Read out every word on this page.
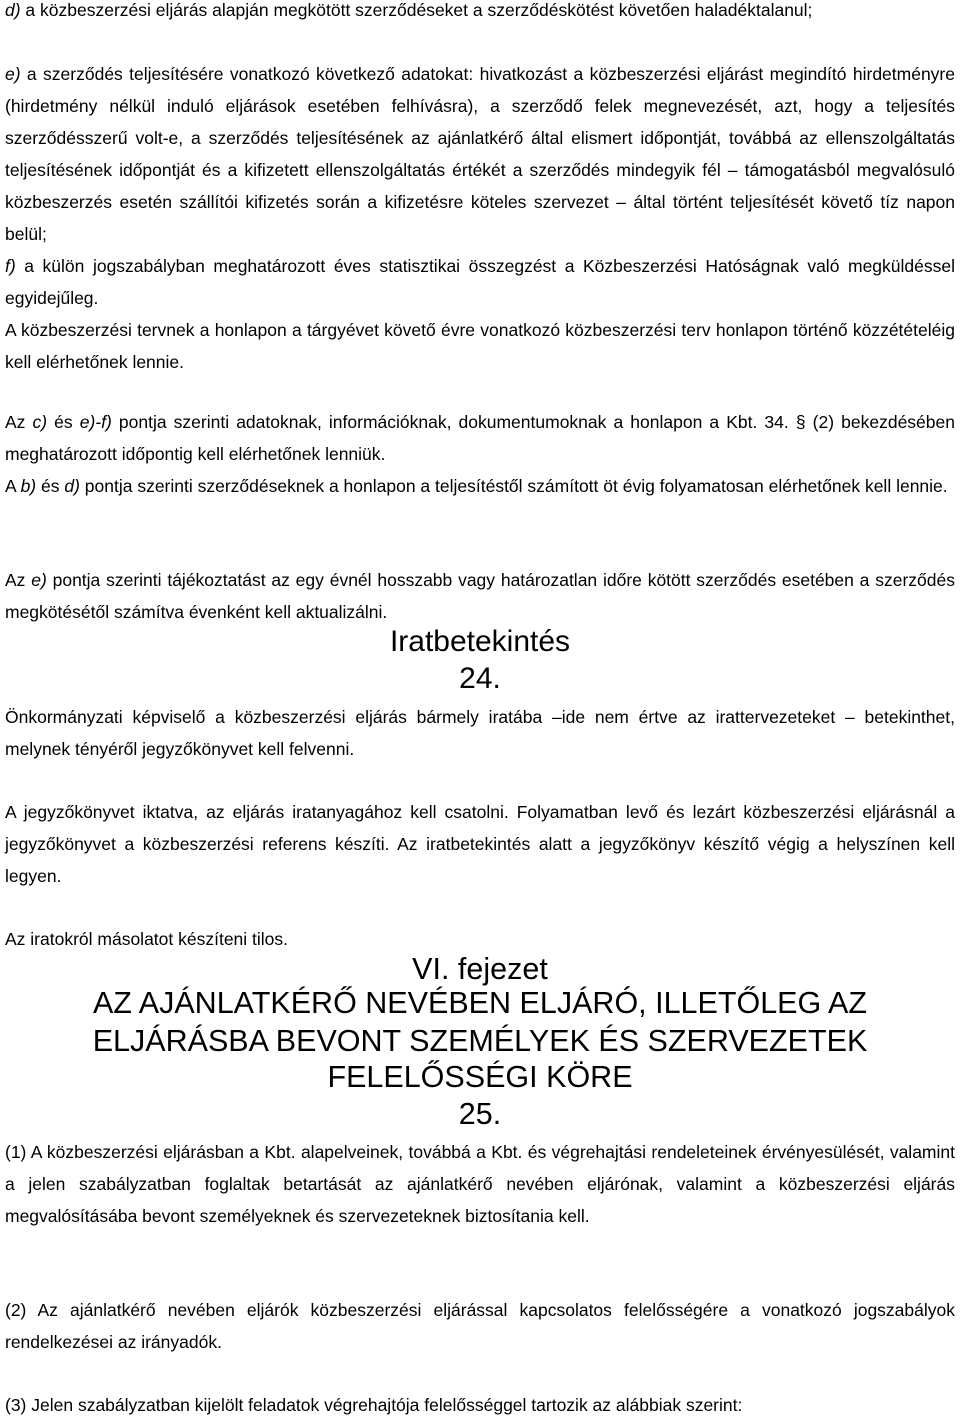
d) a közbeszerzési eljárás alapján megkötött szerződéseket a szerződéskötést követően haladéktalanul;

e) a szerződés teljesítésére vonatkozó következő adatokat: hivatkozást a közbeszerzési eljárást megindító hirdetményre (hirdetmény nélkül induló eljárások esetében felhívásra), a szerződő felek megnevezését, azt, hogy a teljesítés szerződésszerű volt-e, a szerződés teljesítésének az ajánlatkérő által elismert időpontját, továbbá az ellenszolgáltatás teljesítésének időpontját és a kifizetett ellenszolgáltatás értékét a szerződés mindegyik fél – támogatásból megvalósuló közbeszerzés esetén szállítói kifizetés során a kifizetésre köteles szervezet – által történt teljesítését követő tíz napon belül;

f) a külön jogszabályban meghatározott éves statisztikai összegzést a Közbeszerzési Hatóságnak való megküldéssel egyidejűleg.

A közbeszerzési tervnek a honlapon a tárgyévet követő évre vonatkozó közbeszerzési terv honlapon történő közzétételéig kell elérhetőnek lennie.

Az c) és e)-f) pontja szerinti adatoknak, információknak, dokumentumoknak a honlapon a Kbt. 34. § (2) bekezdésében meghatározott időpontig kell elérhetőnek lenniük.

A b) és d) pontja szerinti szerződéseknek a honlapon a teljesítéstől számított öt évig folyamatosan elérhetőnek kell lennie.

Az e) pontja szerinti tájékoztatást az egy évnél hosszabb vagy határozatlan időre kötött szerződés esetében a szerződés megkötésétől számítva évenként kell aktualizálni.

Iratbetekintés
24.

Önkormányzati képviselő a közbeszerzési eljárás bármely iratába –ide nem értve az irattervezeteket – betekinthet, melynek tényéről jegyzőkönyvet kell felvenni.

A jegyzőkönyvet iktatva, az eljárás iratanyagához kell csatolni. Folyamatban levő és lezárt közbeszerzési eljárásnál a jegyzőkönyvet a közbeszerzési referens készíti. Az iratbetekintés alatt a jegyzőkönyv készítő végig a helyszínen kell legyen.

Az iratokról másolatot készíteni tilos.

VI. fejezet
AZ AJÁNLATKÉRŐ NEVÉBEN ELJÁRÓ, ILLETŐLEG AZ
ELJÁRÁSBA BEVONT SZEMÉLYEK ÉS SZERVEZETEK
FELELŐSSÉGI KÖRE
25.

(1) A közbeszerzési eljárásban a Kbt. alapelveinek, továbbá a Kbt. és végrehajtási rendeleteinek érvényesülését, valamint a jelen szabályzatban foglaltak betartását az ajánlatkérő nevében eljárónak, valamint a közbeszerzési eljárás megvalósításába bevont személyeknek és szervezeteknek biztosítania kell.

(2) Az ajánlatkérő nevében eljárók közbeszerzési eljárással kapcsolatos felelősségére a vonatkozó jogszabályok rendelkezései az irányadók.

(3) Jelen szabályzatban kijelölt feladatok végrehajtója felelősséggel tartozik az alábbiak szerint:
